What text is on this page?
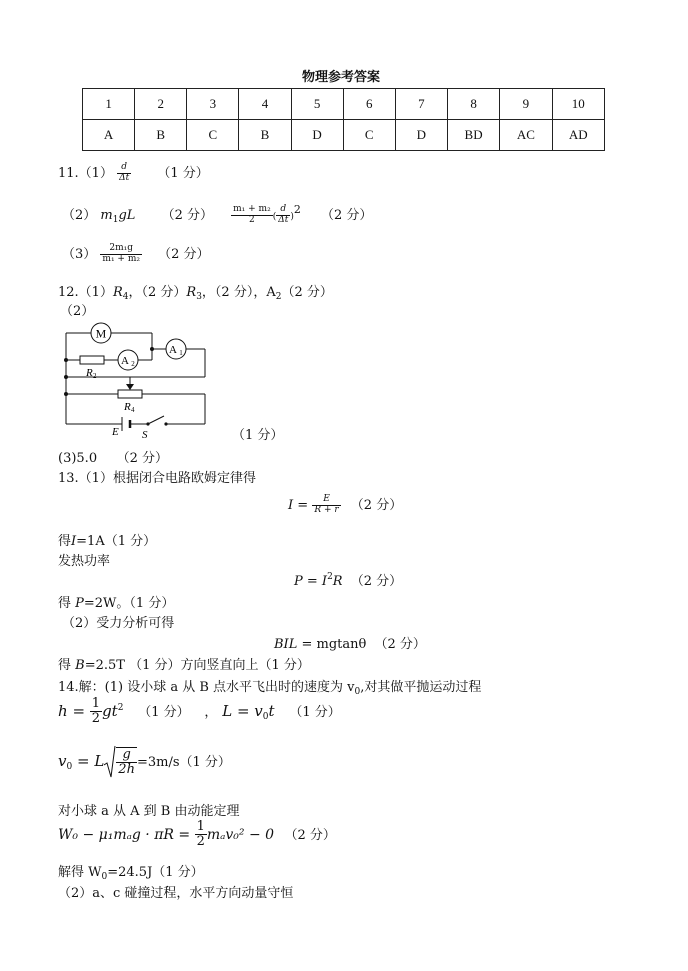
物理参考答案
1	2	3	4	5	6	7	8	9	10
A	B	C	B	D	C	D	BD	AC	AD
$11.(1) \frac{d}{\Delta t} (1$ 分）
（2） $m_1gL$ （2 分） $\frac{\text{m₁ + m₂}}{2}$ ( $\frac{d}{\Delta t} )^2$ （2 分）
$(3) \frac{\text{2m₁g}}{\text{m₁ + m₂}} (2$ 分）
$12.(1)R_4$，（2 分）$R_3$，（2 分），$A_2(2$ 分）
（2）
M
A 1
A 2
R 2
R 4
E S	（1 分）
(3)5.0　　（2 分）
13.（1）根据闭合电路欧姆定律得
$I = \frac{E}{R + r} (2$ 分）
得I=1A（1 分）
发热功率
$P = I^2R$ （2 分）
得 P=2W。（1 分）
（2）受力分析可得
BIL = mgtanθ （2 分）
得 B=2.5T （1 分）方向竖直向上（1 分）
14.解：(1) 设小球 a 从 B 点水平飞出时的速度为 $v_0$,对其做平抛运动过程
$h = \frac{1}{2} gt^2$ （1 分） ， $L = v_0t$ （1 分）
$v_0 = L \frac{g}{2h} =3m/s(1$ 分）
对小球 a 从 A 到 B 由动能定理
$W_0 - \mu_1m_ag \cdot \pi R = \frac{1}{2} m_av_0^2 - 0$ （2 分）
解得 $W_0=24.5J(1$ 分）
（2）a、c 碰撞过程，水平方向动量守恒
